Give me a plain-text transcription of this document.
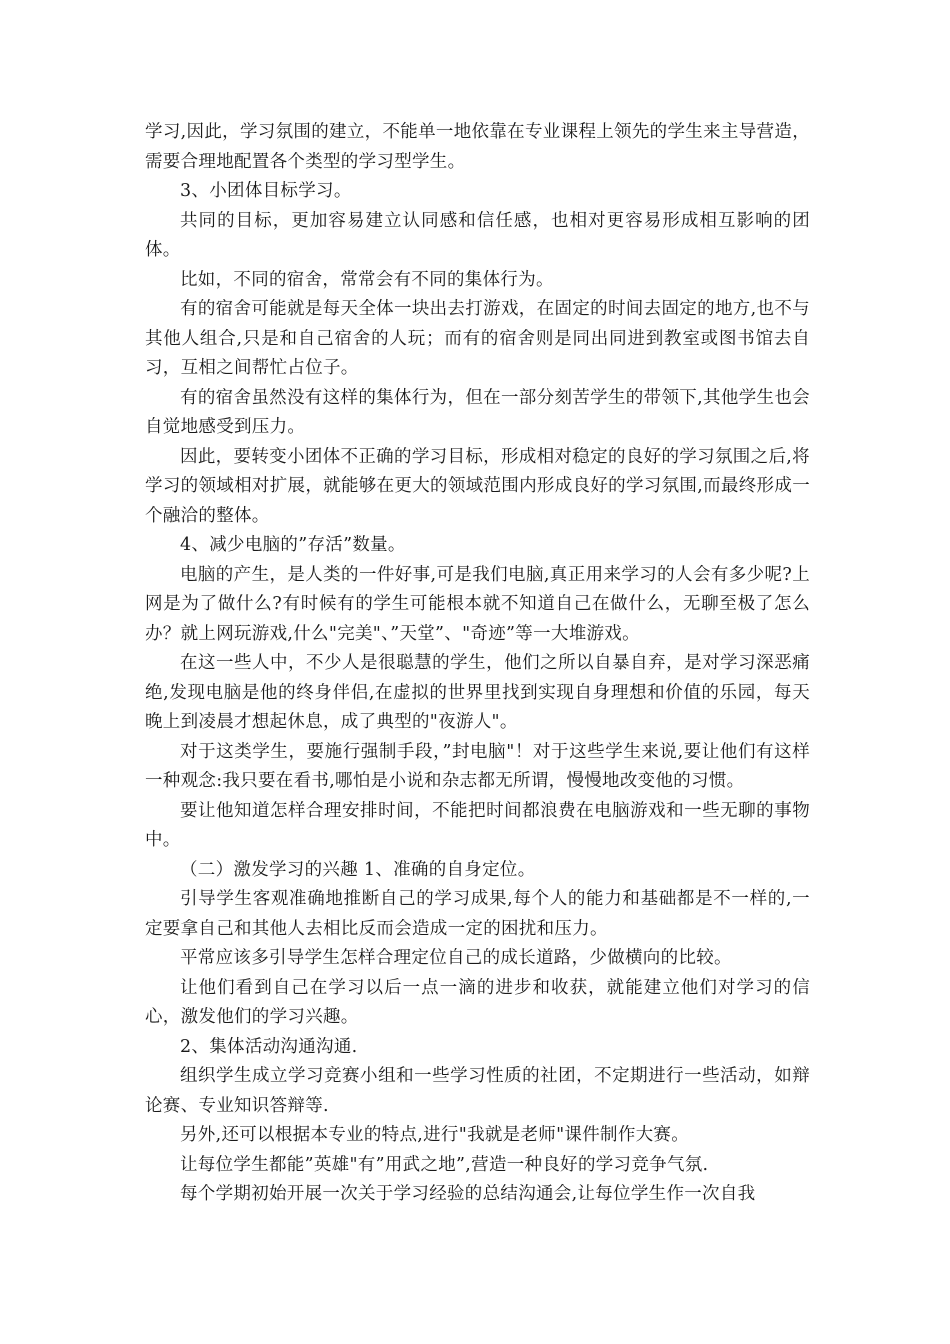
学习,因此，学习氛围的建立，不能单一地依靠在专业课程上领先的学生来主导营造，需要合理地配置各个类型的学习型学生。

3、小团体目标学习。

共同的目标，更加容易建立认同感和信任感，也相对更容易形成相互影响的团体。

比如，不同的宿舍，常常会有不同的集体行为。

有的宿舍可能就是每天全体一块出去打游戏，在固定的时间去固定的地方,也不与其他人组合,只是和自己宿舍的人玩；而有的宿舍则是同出同进到教室或图书馆去自习，互相之间帮忙占位子。

有的宿舍虽然没有这样的集体行为，但在一部分刻苦学生的带领下,其他学生也会自觉地感受到压力。

因此，要转变小团体不正确的学习目标，形成相对稳定的良好的学习氛围之后,将学习的领域相对扩展，就能够在更大的领域范围内形成良好的学习氛围,而最终形成一个融洽的整体。

4、减少电脑的”存活”数量。

电脑的产生，是人类的一件好事,可是我们电脑,真正用来学习的人会有多少呢?上网是为了做什么?有时候有的学生可能根本就不知道自己在做什么，无聊至极了怎么办？就上网玩游戏,什么"完美"、”天堂”、"奇迹”等一大堆游戏。

在这一些人中，不少人是很聪慧的学生，他们之所以自暴自弃，是对学习深恶痛绝,发现电脑是他的终身伴侣,在虚拟的世界里找到实现自身理想和价值的乐园，每天晚上到凌晨才想起休息，成了典型的"夜游人"。

对于这类学生，要施行强制手段，”封电脑"！对于这些学生来说,要让他们有这样一种观念:我只要在看书,哪怕是小说和杂志都无所谓，慢慢地改变他的习惯。

要让他知道怎样合理安排时间，不能把时间都浪费在电脑游戏和一些无聊的事物中。

（二）激发学习的兴趣 1、准确的自身定位。

引导学生客观准确地推断自己的学习成果,每个人的能力和基础都是不一样的,一定要拿自己和其他人去相比反而会造成一定的困扰和压力。

平常应该多引导学生怎样合理定位自己的成长道路，少做横向的比较。

让他们看到自己在学习以后一点一滴的进步和收获，就能建立他们对学习的信心，激发他们的学习兴趣。

2、集体活动沟通沟通.

组织学生成立学习竞赛小组和一些学习性质的社团，不定期进行一些活动，如辩论赛、专业知识答辩等.

另外,还可以根据本专业的特点,进行"我就是老师"课件制作大赛。

让每位学生都能”英雄"有”用武之地”,营造一种良好的学习竞争气氛.

每个学期初始开展一次关于学习经验的总结沟通会,让每位学生作一次自我
